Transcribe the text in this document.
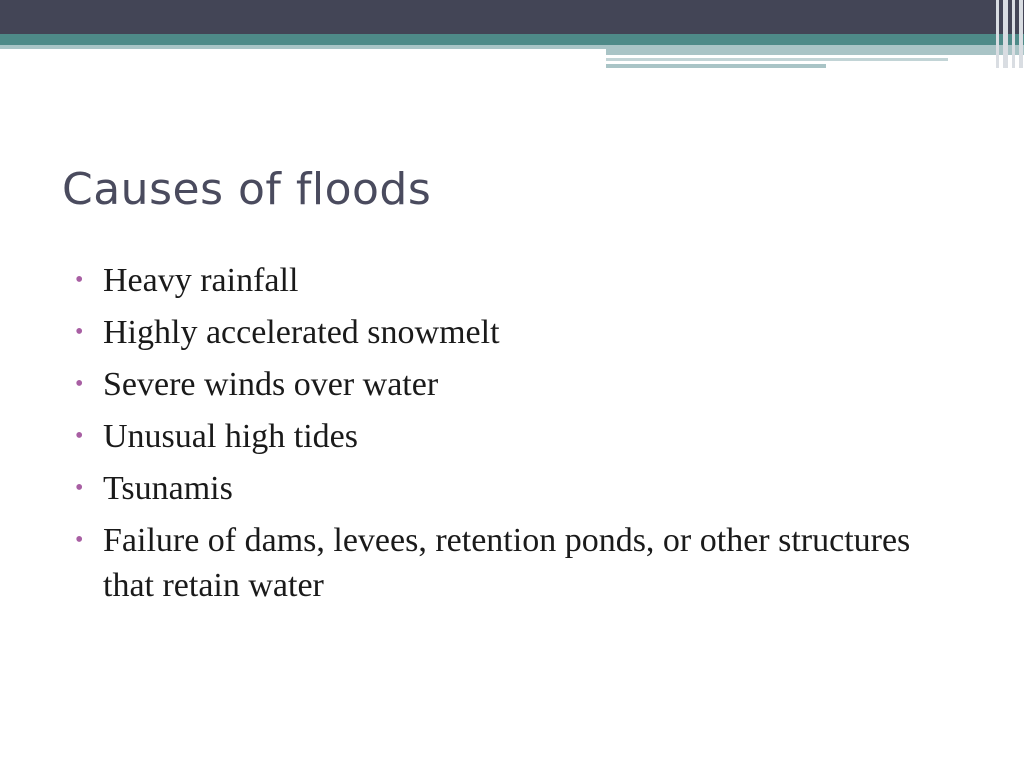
Causes of floods
• Heavy rainfall
• Highly accelerated snowmelt
• Severe winds over water
• Unusual high tides
• Tsunamis
• Failure of dams, levees, retention ponds, or other structures that retain water
